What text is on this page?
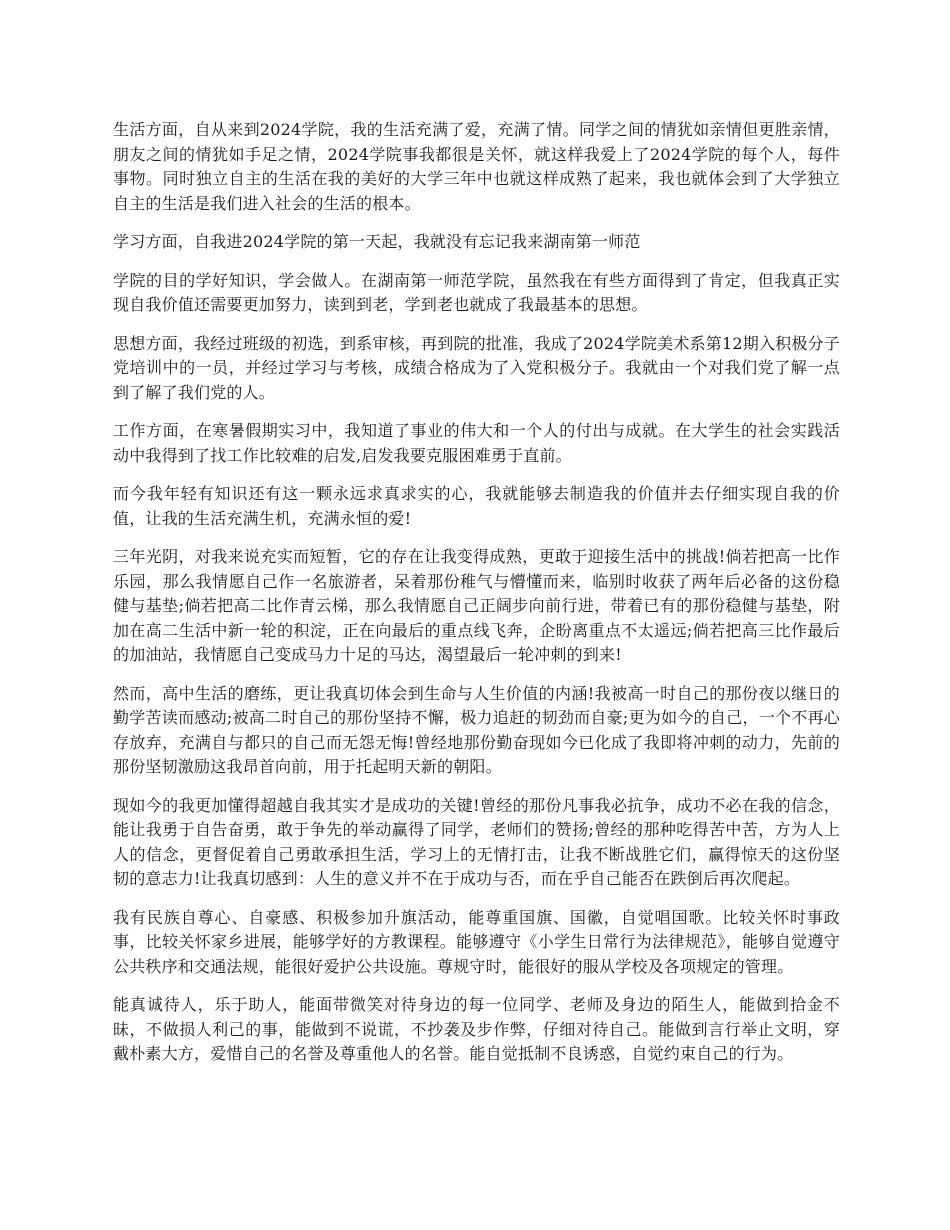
生活方面，自从来到2024学院，我的生活充满了爱，充满了情。同学之间的情犹如亲情但更胜亲情，朋友之间的情犹如手足之情，2024学院事我都很是关怀，就这样我爱上了2024学院的每个人，每件事物。同时独立自主的生活在我的美好的大学三年中也就这样成熟了起来，我也就体会到了大学独立自主的生活是我们进入社会的生活的根本。

学习方面，自我进2024学院的第一天起，我就没有忘记我来湖南第一师范

学院的目的学好知识，学会做人。在湖南第一师范学院，虽然我在有些方面得到了肯定，但我真正实现自我价值还需要更加努力，读到到老，学到老也就成了我最基本的思想。

思想方面，我经过班级的初选，到系审核，再到院的批准，我成了2024学院美术系第12期入积极分子党培训中的一员，并经过学习与考核，成绩合格成为了入党积极分子。我就由一个对我们党了解一点到了解了我们党的人。

工作方面，在寒暑假期实习中，我知道了事业的伟大和一个人的付出与成就。在大学生的社会实践活动中我得到了找工作比较难的启发,启发我要克服困难勇于直前。

而今我年轻有知识还有这一颗永远求真求实的心，我就能够去制造我的价值并去仔细实现自我的价值，让我的生活充满生机，充满永恒的爱!

三年光阴，对我来说充实而短暂，它的存在让我变得成熟，更敢于迎接生活中的挑战!倘若把高一比作乐园，那么我情愿自己作一名旅游者，呆着那份稚气与懵懂而来，临别时收获了两年后必备的这份稳健与基垫;倘若把高二比作青云梯，那么我情愿自己正阔步向前行进，带着已有的那份稳健与基垫，附加在高二生活中新一轮的积淀，正在向最后的重点线飞奔，企盼离重点不太遥远;倘若把高三比作最后的加油站，我情愿自己变成马力十足的马达，渴望最后一轮冲刺的到来!

然而，高中生活的磨练，更让我真切体会到生命与人生价值的内涵!我被高一时自己的那份夜以继日的勤学苦读而感动;被高二时自己的那份坚持不懈，极力追赶的韧劲而自豪;更为如今的自己，一个不再心存放弃，充满自与都只的自己而无怨无悔!曾经地那份勤奋现如今已化成了我即将冲刺的动力，先前的那份坚韧激励这我昂首向前，用于托起明天新的朝阳。

现如今的我更加懂得超越自我其实才是成功的关键!曾经的那份凡事我必抗争，成功不必在我的信念，能让我勇于自告奋勇，敢于争先的举动赢得了同学，老师们的赞扬;曾经的那种吃得苦中苦，方为人上人的信念，更督促着自己勇敢承担生活，学习上的无情打击，让我不断战胜它们，赢得惊天的这份坚韧的意志力!让我真切感到：人生的意义并不在于成功与否，而在乎自己能否在跌倒后再次爬起。

我有民族自尊心、自豪感、积极参加升旗活动，能尊重国旗、国徽，自觉唱国歌。比较关怀时事政事，比较关怀家乡进展，能够学好的方教课程。能够遵守《小学生日常行为法律规范》，能够自觉遵守公共秩序和交通法规，能很好爱护公共设施。尊规守时，能很好的服从学校及各项规定的管理。

能真诚待人，乐于助人，能面带微笑对待身边的每一位同学、老师及身边的陌生人，能做到拾金不昧，不做损人利己的事，能做到不说谎，不抄袭及步作弊，仔细对待自己。能做到言行举止文明，穿戴朴素大方，爱惜自己的名誉及尊重他人的名誉。能自觉抵制不良诱惑，自觉约束自己的行为。
